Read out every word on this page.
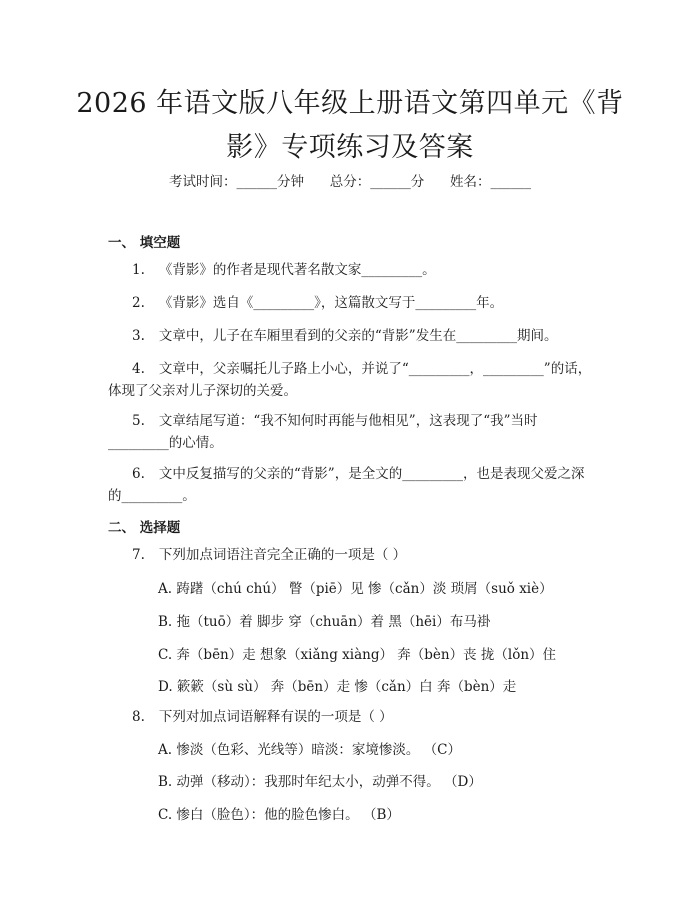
2026 年语文版八年级上册语文第四单元《背
影》专项练习及答案
考试时间：______分钟      总分：______分      姓名：______
一、 填空题
1. 《背影》的作者是现代著名散文家_________。
2. 《背影》选自《_________》，这篇散文写于_________年。
3. 文章中，儿子在车厢里看到的父亲的“背影”发生在_________期间。
4. 文章中，父亲嘱托儿子路上小心，并说了“_________，_________”的话，体现了父亲对儿子深切的关爱。
5. 文章结尾写道：“我不知何时再能与他相见”，这表现了“我”当时_________的心情。
6. 文中反复描写的父亲的“背影”，是全文的_________，也是表现父爱之深的_________。
二、 选择题
7. 下列加点词语注音完全正确的一项是（ ）
A. 踌躇（chú chú） 瞥（piē）见 惨（cǎn）淡 琐屑（suǒ xiè）
B. 拖（tuō）着 脚步 穿（chuān）着 黑（hēi）布马褂
C. 奔（bēn）走 想象（xiǎng xiàng） 奔（bèn）丧 拢（lǒn）住
D. 簌簌（sù sù） 奔（bēn）走 惨（cǎn）白 奔（bèn）走
8. 下列对加点词语解释有误的一项是（ ）
A. 惨淡（色彩、光线等）暗淡：家境惨淡。 （C）
B. 动弹（移动）：我那时年纪太小，动弹不得。 （D）
C. 惨白（脸色）：他的脸色惨白。 （B）
